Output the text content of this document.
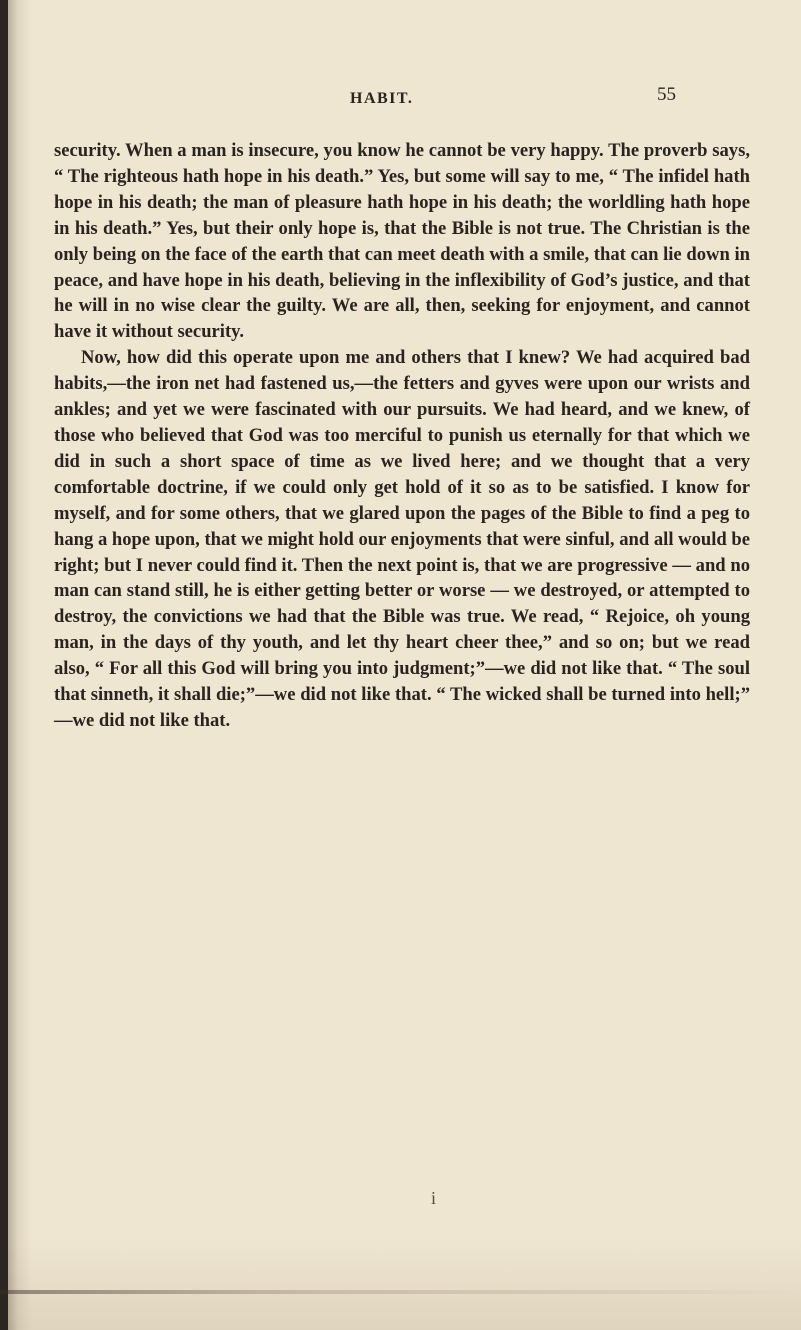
HABIT.	55

security. When a man is insecure, you know he cannot be very happy. The proverb says, “ The righteous hath hope in his death.” Yes, but some will say to me, “ The infidel hath hope in his death; the man of pleasure hath hope in his death; the worldling hath hope in his death.” Yes, but their only hope is, that the Bible is not true. The Christian is the only being on the face of the earth that can meet death with a smile, that can lie down in peace, and have hope in his death, believing in the inflexibility of God’s justice, and that he will in no wise clear the guilty. We are all, then, seeking for enjoyment, and cannot have it without security.

Now, how did this operate upon me and others that I knew? We had acquired bad habits,—the iron net had fastened us,—the fetters and gyves were upon our wrists and ankles; and yet we were fascinated with our pursuits. We had heard, and we knew, of those who believed that God was too merciful to punish us eternally for that which we did in such a short space of time as we lived here; and we thought that a very comfortable doctrine, if we could only get hold of it so as to be satisfied. I know for myself, and for some others, that we glared upon the pages of the Bible to find a peg to hang a hope upon, that we might hold our enjoyments that were sinful, and all would be right; but I never could find it. Then the next point is, that we are progressive — and no man can stand still, he is either getting better or worse — we destroyed, or attempted to destroy, the convictions we had that the Bible was true. We read, “ Rejoice, oh young man, in the days of thy youth, and let thy heart cheer thee,” and so on; but we read also, “ For all this God will bring you into judgment;”—we did not like that. “ The soul that sinneth, it shall die;”—we did not like that. “ The wicked shall be turned into hell;” —we did not like that.

i
